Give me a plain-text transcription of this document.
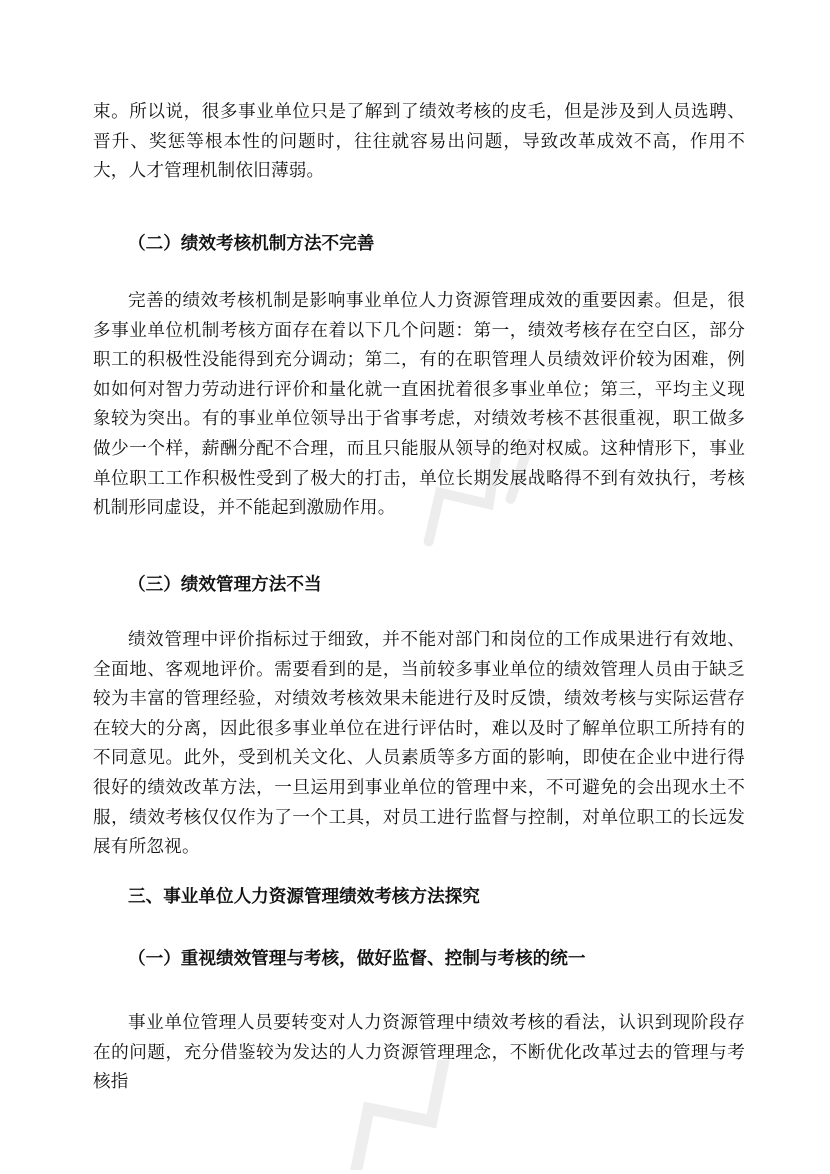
束。所以说，很多事业单位只是了解到了绩效考核的皮毛，但是涉及到人员选聘、晋升、奖惩等根本性的问题时，往往就容易出问题，导致改革成效不高，作用不大，人才管理机制依旧薄弱。

（二）绩效考核机制方法不完善

完善的绩效考核机制是影响事业单位人力资源管理成效的重要因素。但是，很多事业单位机制考核方面存在着以下几个问题：第一，绩效考核存在空白区，部分职工的积极性没能得到充分调动；第二，有的在职管理人员绩效评价较为困难，例如如何对智力劳动进行评价和量化就一直困扰着很多事业单位；第三，平均主义现象较为突出。有的事业单位领导出于省事考虑，对绩效考核不甚很重视，职工做多做少一个样，薪酬分配不合理，而且只能服从领导的绝对权威。这种情形下，事业单位职工工作积极性受到了极大的打击，单位长期发展战略得不到有效执行，考核机制形同虚设，并不能起到激励作用。

（三）绩效管理方法不当

绩效管理中评价指标过于细致，并不能对部门和岗位的工作成果进行有效地、全面地、客观地评价。需要看到的是，当前较多事业单位的绩效管理人员由于缺乏较为丰富的管理经验，对绩效考核效果未能进行及时反馈，绩效考核与实际运营存在较大的分离，因此很多事业单位在进行评估时，难以及时了解单位职工所持有的不同意见。此外，受到机关文化、人员素质等多方面的影响，即使在企业中进行得很好的绩效改革方法，一旦运用到事业单位的管理中来，不可避免的会出现水土不服，绩效考核仅仅作为了一个工具，对员工进行监督与控制，对单位职工的长远发展有所忽视。

三、事业单位人力资源管理绩效考核方法探究

（一）重视绩效管理与考核，做好监督、控制与考核的统一

事业单位管理人员要转变对人力资源管理中绩效考核的看法，认识到现阶段存在的问题，充分借鉴较为发达的人力资源管理理念，不断优化改革过去的管理与考核指
